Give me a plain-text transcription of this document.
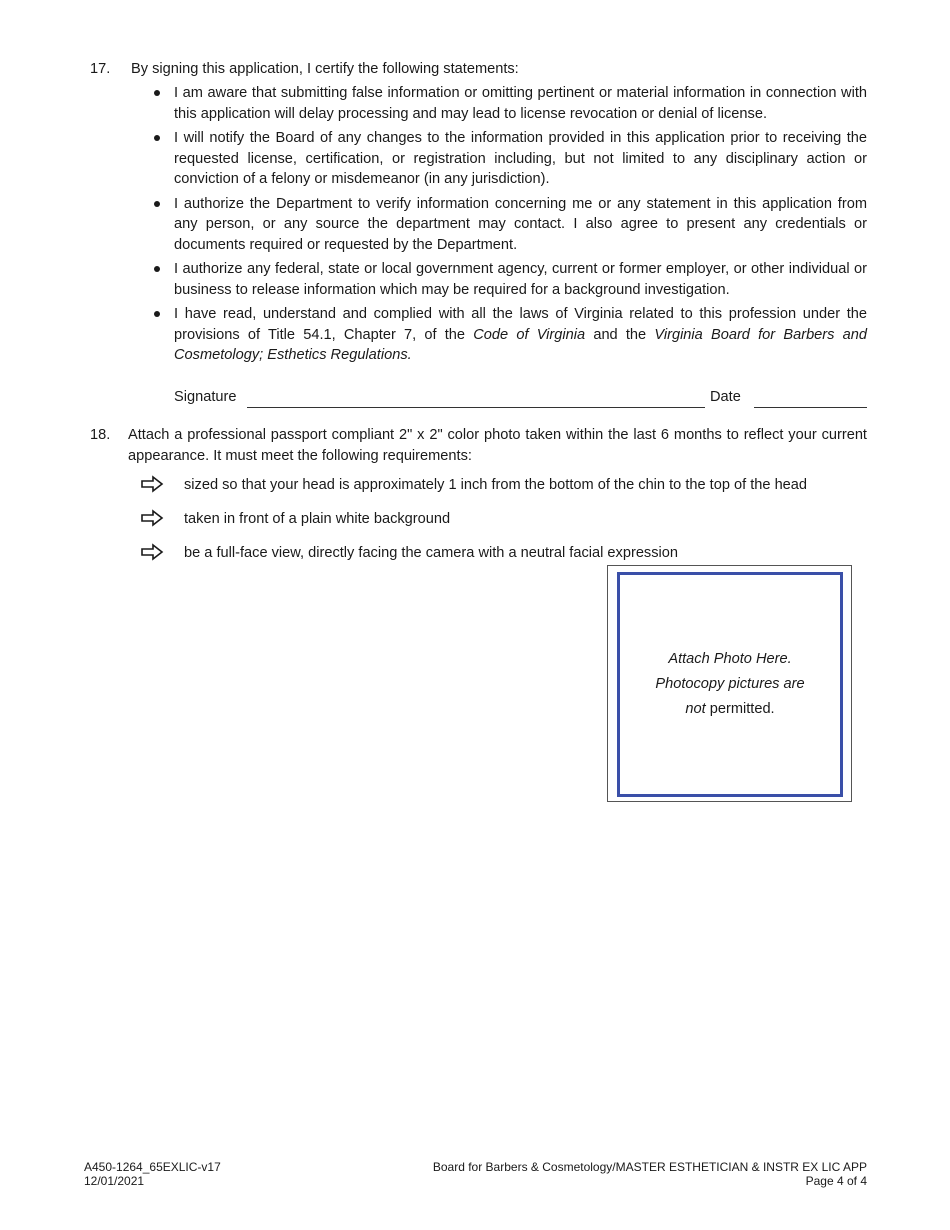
17. By signing this application, I certify the following statements:
I am aware that submitting false information or omitting pertinent or material information in connection with this application will delay processing and may lead to license revocation or denial of license.
I will notify the Board of any changes to the information provided in this application prior to receiving the requested license, certification, or registration including, but not limited to any disciplinary action or conviction of a felony or misdemeanor (in any jurisdiction).
I authorize the Department to verify information concerning me or any statement in this application from any person, or any source the department may contact. I also agree to present any credentials or documents required or requested by the Department.
I authorize any federal, state or local government agency, current or former employer, or other individual or business to release information which may be required for a background investigation.
I have read, understand and complied with all the laws of Virginia related to this profession under the provisions of Title 54.1, Chapter 7, of the Code of Virginia and the Virginia Board for Barbers and Cosmetology; Esthetics Regulations.
Signature	Date
18. Attach a professional passport compliant 2" x 2" color photo taken within the last 6 months to reflect your current appearance. It must meet the following requirements:
sized so that your head is approximately 1 inch from the bottom of the chin to the top of the head
taken in front of a plain white background
be a full-face view, directly facing the camera with a neutral facial expression
Attach Photo Here.
Photocopy pictures are
not permitted.
A450-1264_65EXLIC-v17
12/01/2021
Board for Barbers & Cosmetology/MASTER ESTHETICIAN & INSTR EX LIC APP
Page 4 of 4
